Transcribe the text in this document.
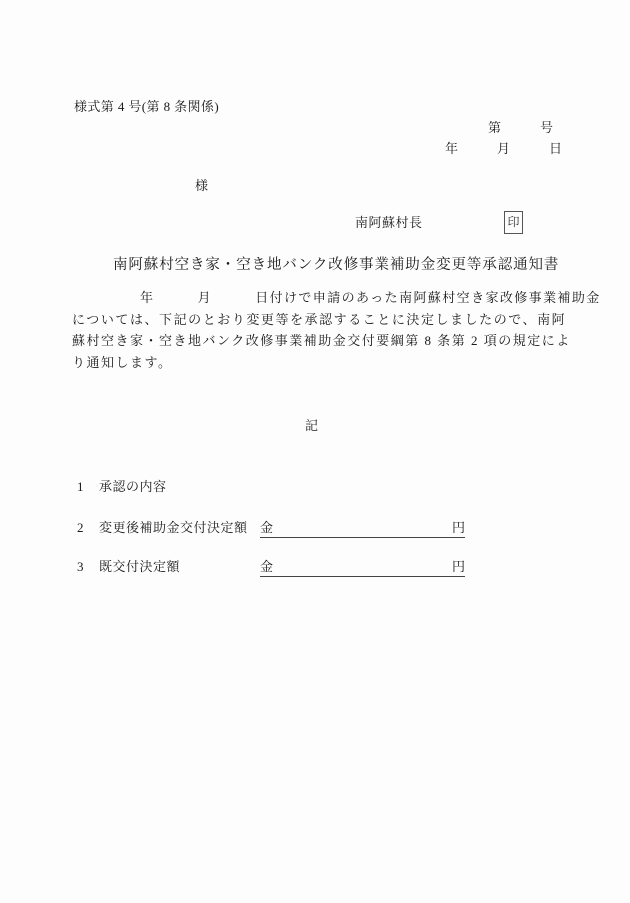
様式第 4 号(第 8 条関係)
第　　　号
年　　　月　　　日
様
南阿蘇村長	印
南阿蘇村空き家・空き地バンク改修事業補助金変更等承認通知書
年　　　月　　　日付けで申請のあった南阿蘇村空き家改修事業補助金
については、下記のとおり変更等を承認することに決定しましたので、南阿
蘇村空き家・空き地バンク改修事業補助金交付要綱第 8 条第 2 項の規定によ
り通知します。
記
1	承認の内容
2	変更後補助金交付決定額 金	円
3	既交付決定額	金	円
